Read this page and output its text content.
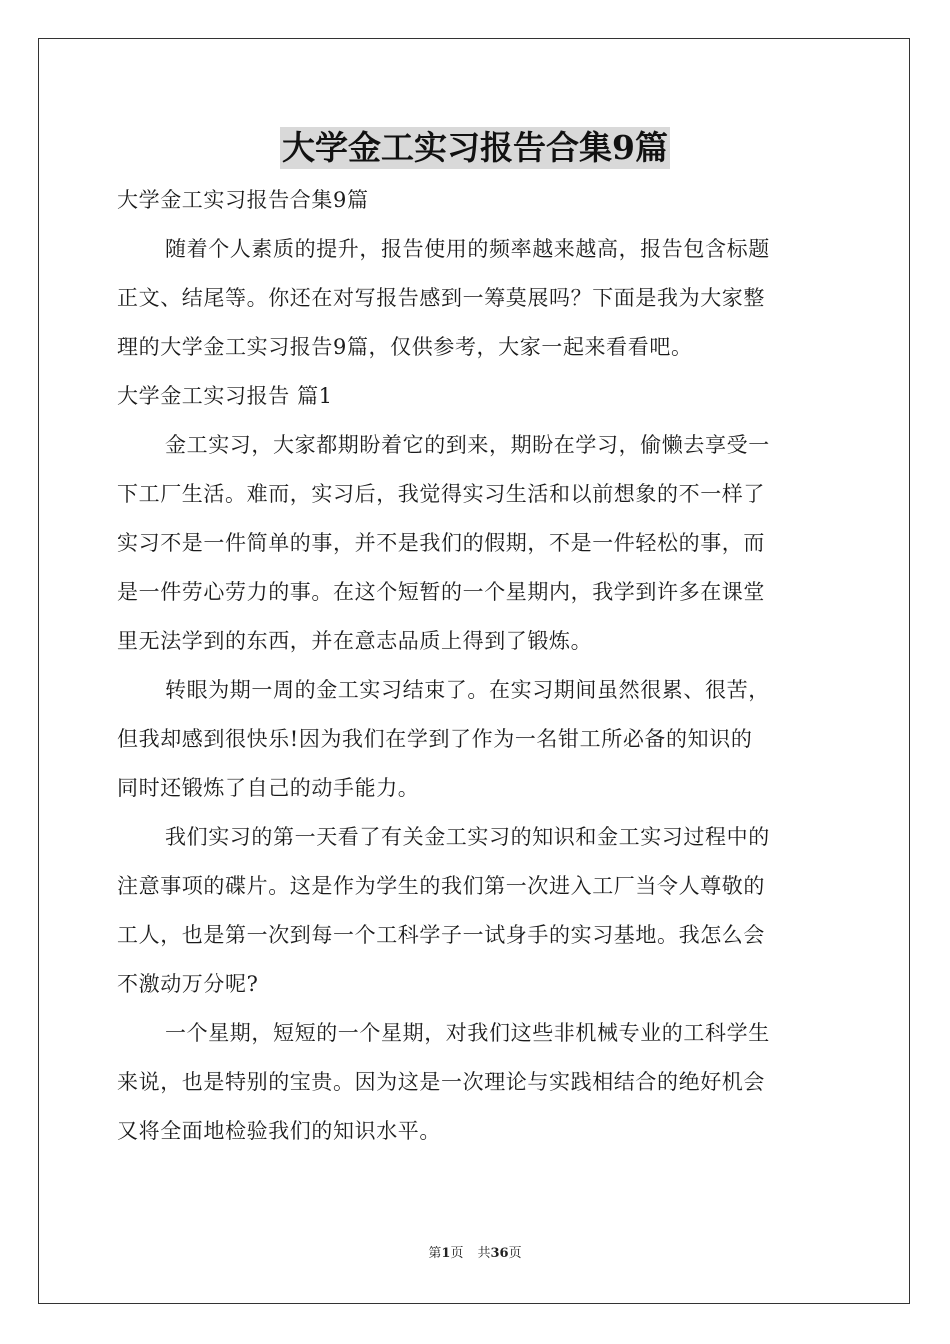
大学金工实习报告合集9篇
大学金工实习报告合集9篇
随着个人素质的提升，报告使用的频率越来越高，报告包含标题
正文、结尾等。你还在对写报告感到一筹莫展吗？下面是我为大家整
理的大学金工实习报告9篇，仅供参考，大家一起来看看吧。
大学金工实习报告 篇1
金工实习，大家都期盼着它的到来，期盼在学习，偷懒去享受一
下工厂生活。难而，实习后，我觉得实习生活和以前想象的不一样了
实习不是一件简单的事，并不是我们的假期，不是一件轻松的事，而
是一件劳心劳力的事。在这个短暂的一个星期内，我学到许多在课堂
里无法学到的东西，并在意志品质上得到了锻炼。
转眼为期一周的金工实习结束了。在实习期间虽然很累、很苦，
但我却感到很快乐!因为我们在学到了作为一名钳工所必备的知识的
同时还锻炼了自己的动手能力。
我们实习的第一天看了有关金工实习的知识和金工实习过程中的
注意事项的碟片。这是作为学生的我们第一次进入工厂当令人尊敬的
工人，也是第一次到每一个工科学子一试身手的实习基地。我怎么会
不激动万分呢?
一个星期，短短的一个星期，对我们这些非机械专业的工科学生
来说，也是特别的宝贵。因为这是一次理论与实践相结合的绝好机会
又将全面地检验我们的知识水平。
第1页 共36页
